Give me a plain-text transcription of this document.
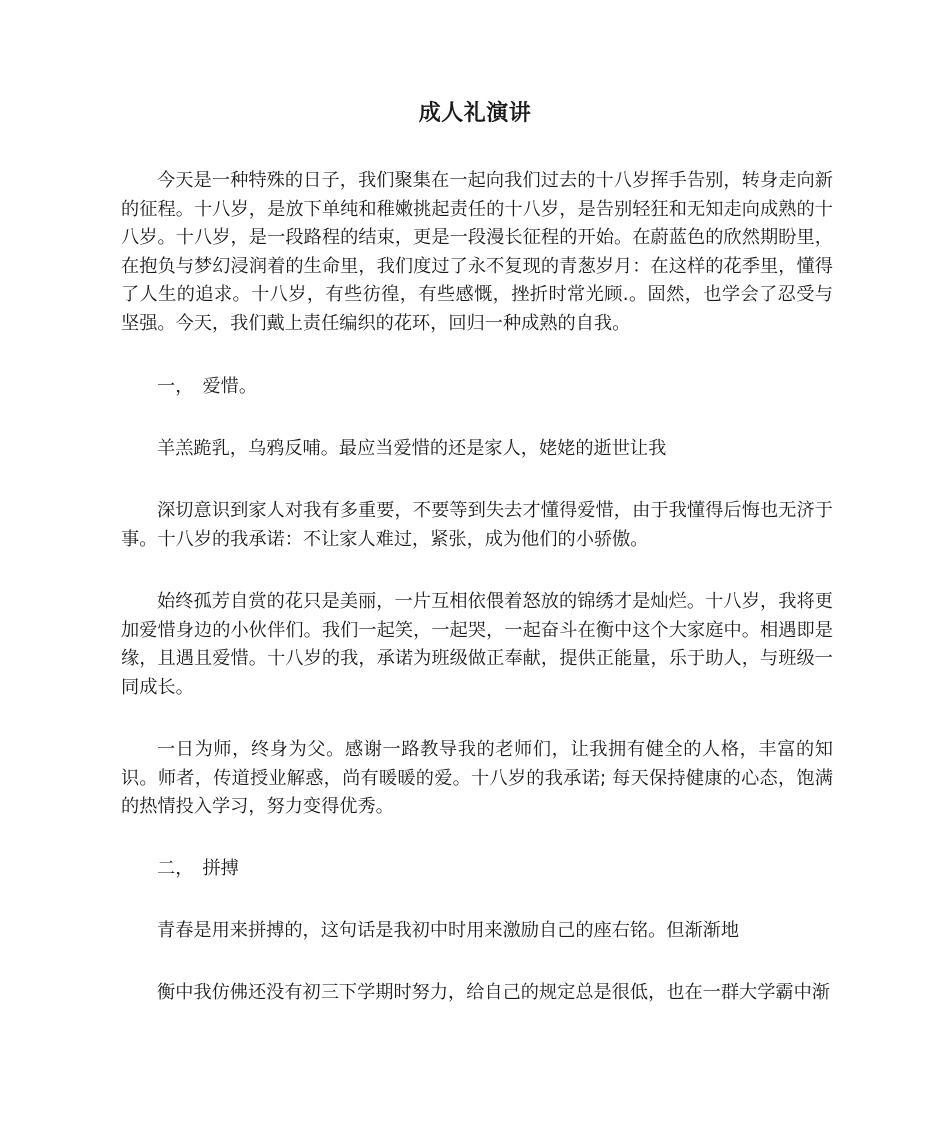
成人礼演讲

今天是一种特殊的日子，我们聚集在一起向我们过去的十八岁挥手告别，转身走向新的征程。十八岁，是放下单纯和稚嫩挑起责任的十八岁，是告别轻狂和无知走向成熟的十八岁。十八岁，是一段路程的结束，更是一段漫长征程的开始。在蔚蓝色的欣然期盼里，在抱负与梦幻浸润着的生命里，我们度过了永不复现的青葱岁月：在这样的花季里，懂得了人生的追求。十八岁，有些彷徨，有些感慨，挫折时常光顾.。固然，也学会了忍受与坚强。今天，我们戴上责任编织的花环，回归一种成熟的自我。

一，　爱惜。

羊羔跪乳，乌鸦反哺。最应当爱惜的还是家人，姥姥的逝世让我

深切意识到家人对我有多重要，不要等到失去才懂得爱惜，由于我懂得后悔也无济于事。十八岁的我承诺：不让家人难过，紧张，成为他们的小骄傲。

始终孤芳自赏的花只是美丽，一片互相依偎着怒放的锦绣才是灿烂。十八岁，我将更加爱惜身边的小伙伴们。我们一起笑，一起哭，一起奋斗在衡中这个大家庭中。相遇即是缘，且遇且爱惜。十八岁的我，承诺为班级做正奉献，提供正能量，乐于助人，与班级一同成长。

一日为师，终身为父。感谢一路教导我的老师们，让我拥有健全的人格，丰富的知识。师者，传道授业解惑，尚有暖暖的爱。十八岁的我承诺; 每天保持健康的心态，饱满的热情投入学习，努力变得优秀。

二，　拼搏

青春是用来拼搏的，这句话是我初中时用来激励自己的座右铭。但渐渐地

衡中我仿佛还没有初三下学期时努力，给自己的规定总是很低，也在一群大学霸中渐
